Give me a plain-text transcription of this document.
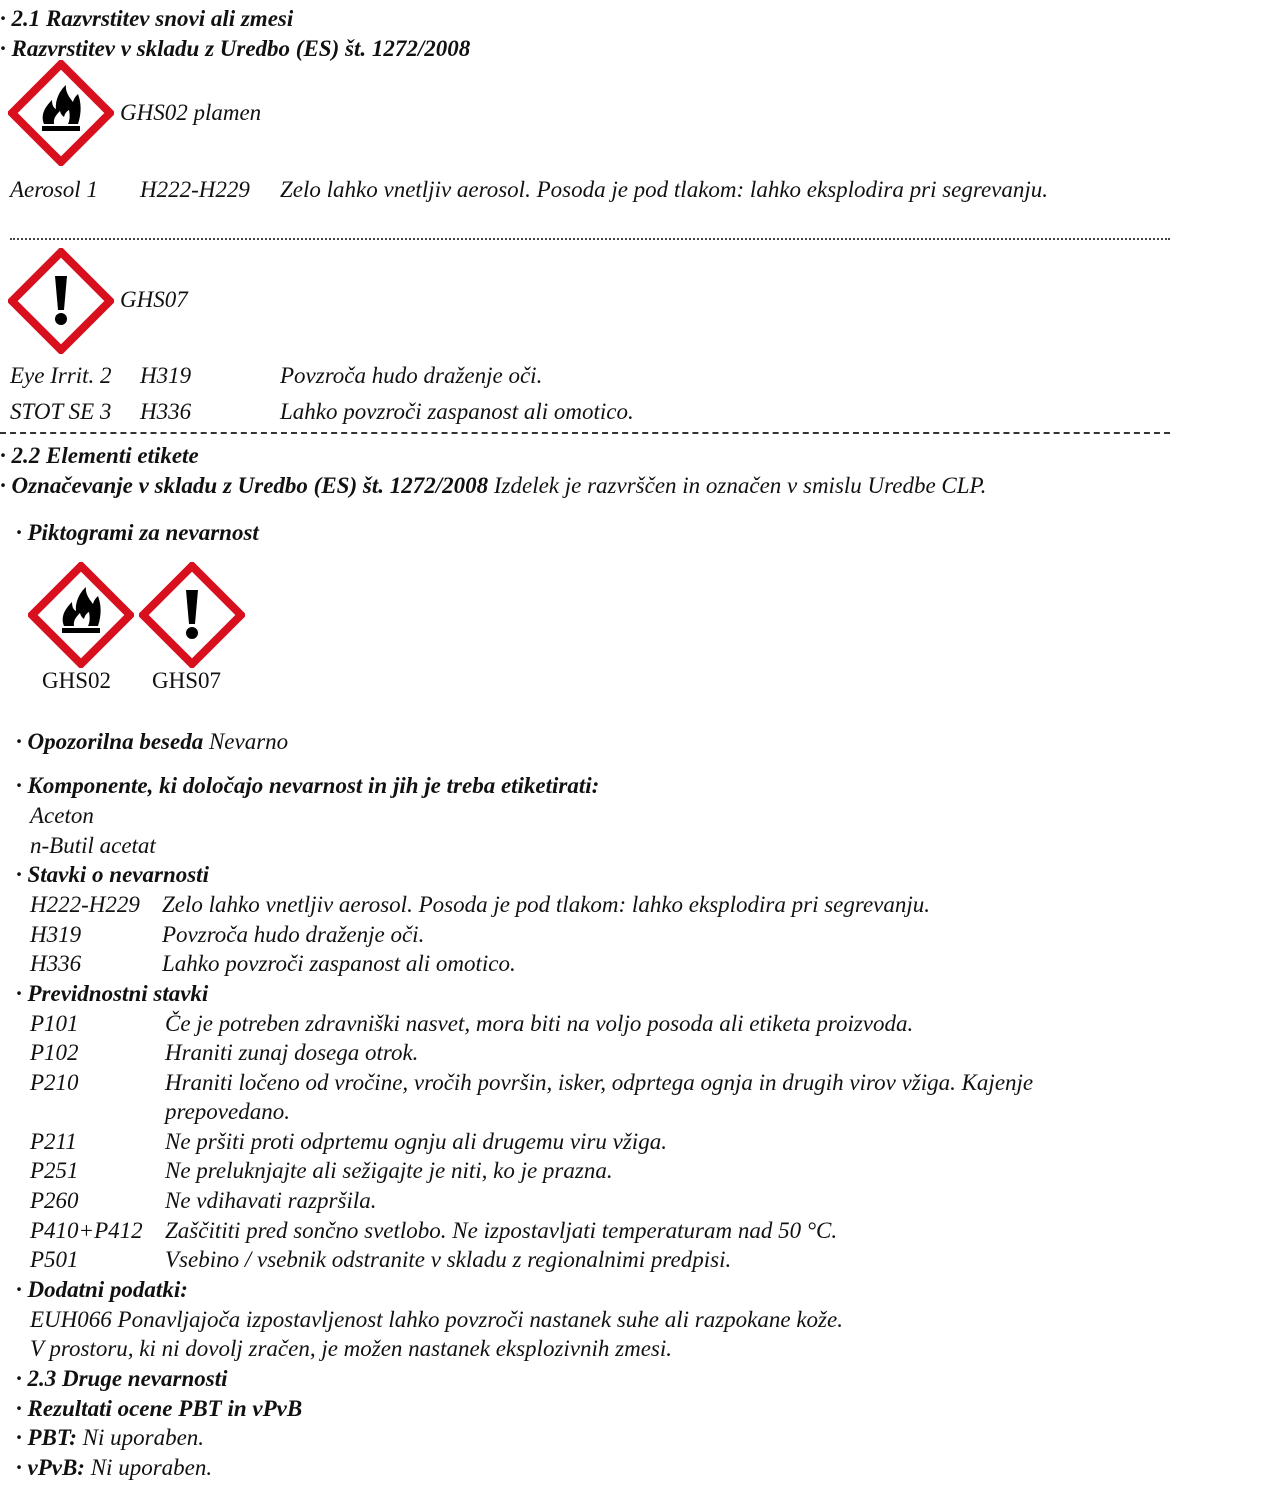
· 2.1 Razvrstitev snovi ali zmesi
· Razvrstitev v skladu z Uredbo (ES) št. 1272/2008
GHS02 plamen
Aerosol 1 H222-H229 Zelo lahko vnetljiv aerosol. Posoda je pod tlakom: lahko eksplodira pri segrevanju.
GHS07
Eye Irrit. 2 H319	Povzroča hudo draženje oči.
STOT SE 3 H336	Lahko povzroči zaspanost ali omotico.
· 2.2 Elementi etikete
· Označevanje v skladu z Uredbo (ES) št. 1272/2008 Izdelek je razvrščen in označen v smislu Uredbe CLP.
· Piktogrami za nevarnost
GHS02 GHS07
· Opozorilna beseda Nevarno
· Komponente, ki določajo nevarnost in jih je treba etiketirati:
Aceton
n-Butil acetat
· Stavki o nevarnosti
H222-H229 Zelo lahko vnetljiv aerosol. Posoda je pod tlakom: lahko eksplodira pri segrevanju.
H319	Povzroča hudo draženje oči.
H336	Lahko povzroči zaspanost ali omotico.
· Previdnostni stavki
P101	Če je potreben zdravniški nasvet, mora biti na voljo posoda ali etiketa proizvoda.
P102	Hraniti zunaj dosega otrok.
P210	Hraniti ločeno od vročine, vročih površin, isker, odprtega ognja in drugih virov vžiga. Kajenje
prepovedano.
P211	Ne pršiti proti odprtemu ognju ali drugemu viru vžiga.
P251	Ne preluknjajte ali sežigajte je niti, ko je prazna.
P260	Ne vdihavati razpršila.
P410+P412 Zaščititi pred sončno svetlobo. Ne izpostavljati temperaturam nad 50 °C.
P501	Vsebino / vsebnik odstranite v skladu z regionalnimi predpisi.
· Dodatni podatki:
EUH066 Ponavljajoča izpostavljenost lahko povzroči nastanek suhe ali razpokane kože.
V prostoru, ki ni dovolj zračen, je možen nastanek eksplozivnih zmesi.
· 2.3 Druge nevarnosti
· Rezultati ocene PBT in vPvB
· PBT: Ni uporaben.
· vPvB: Ni uporaben.
